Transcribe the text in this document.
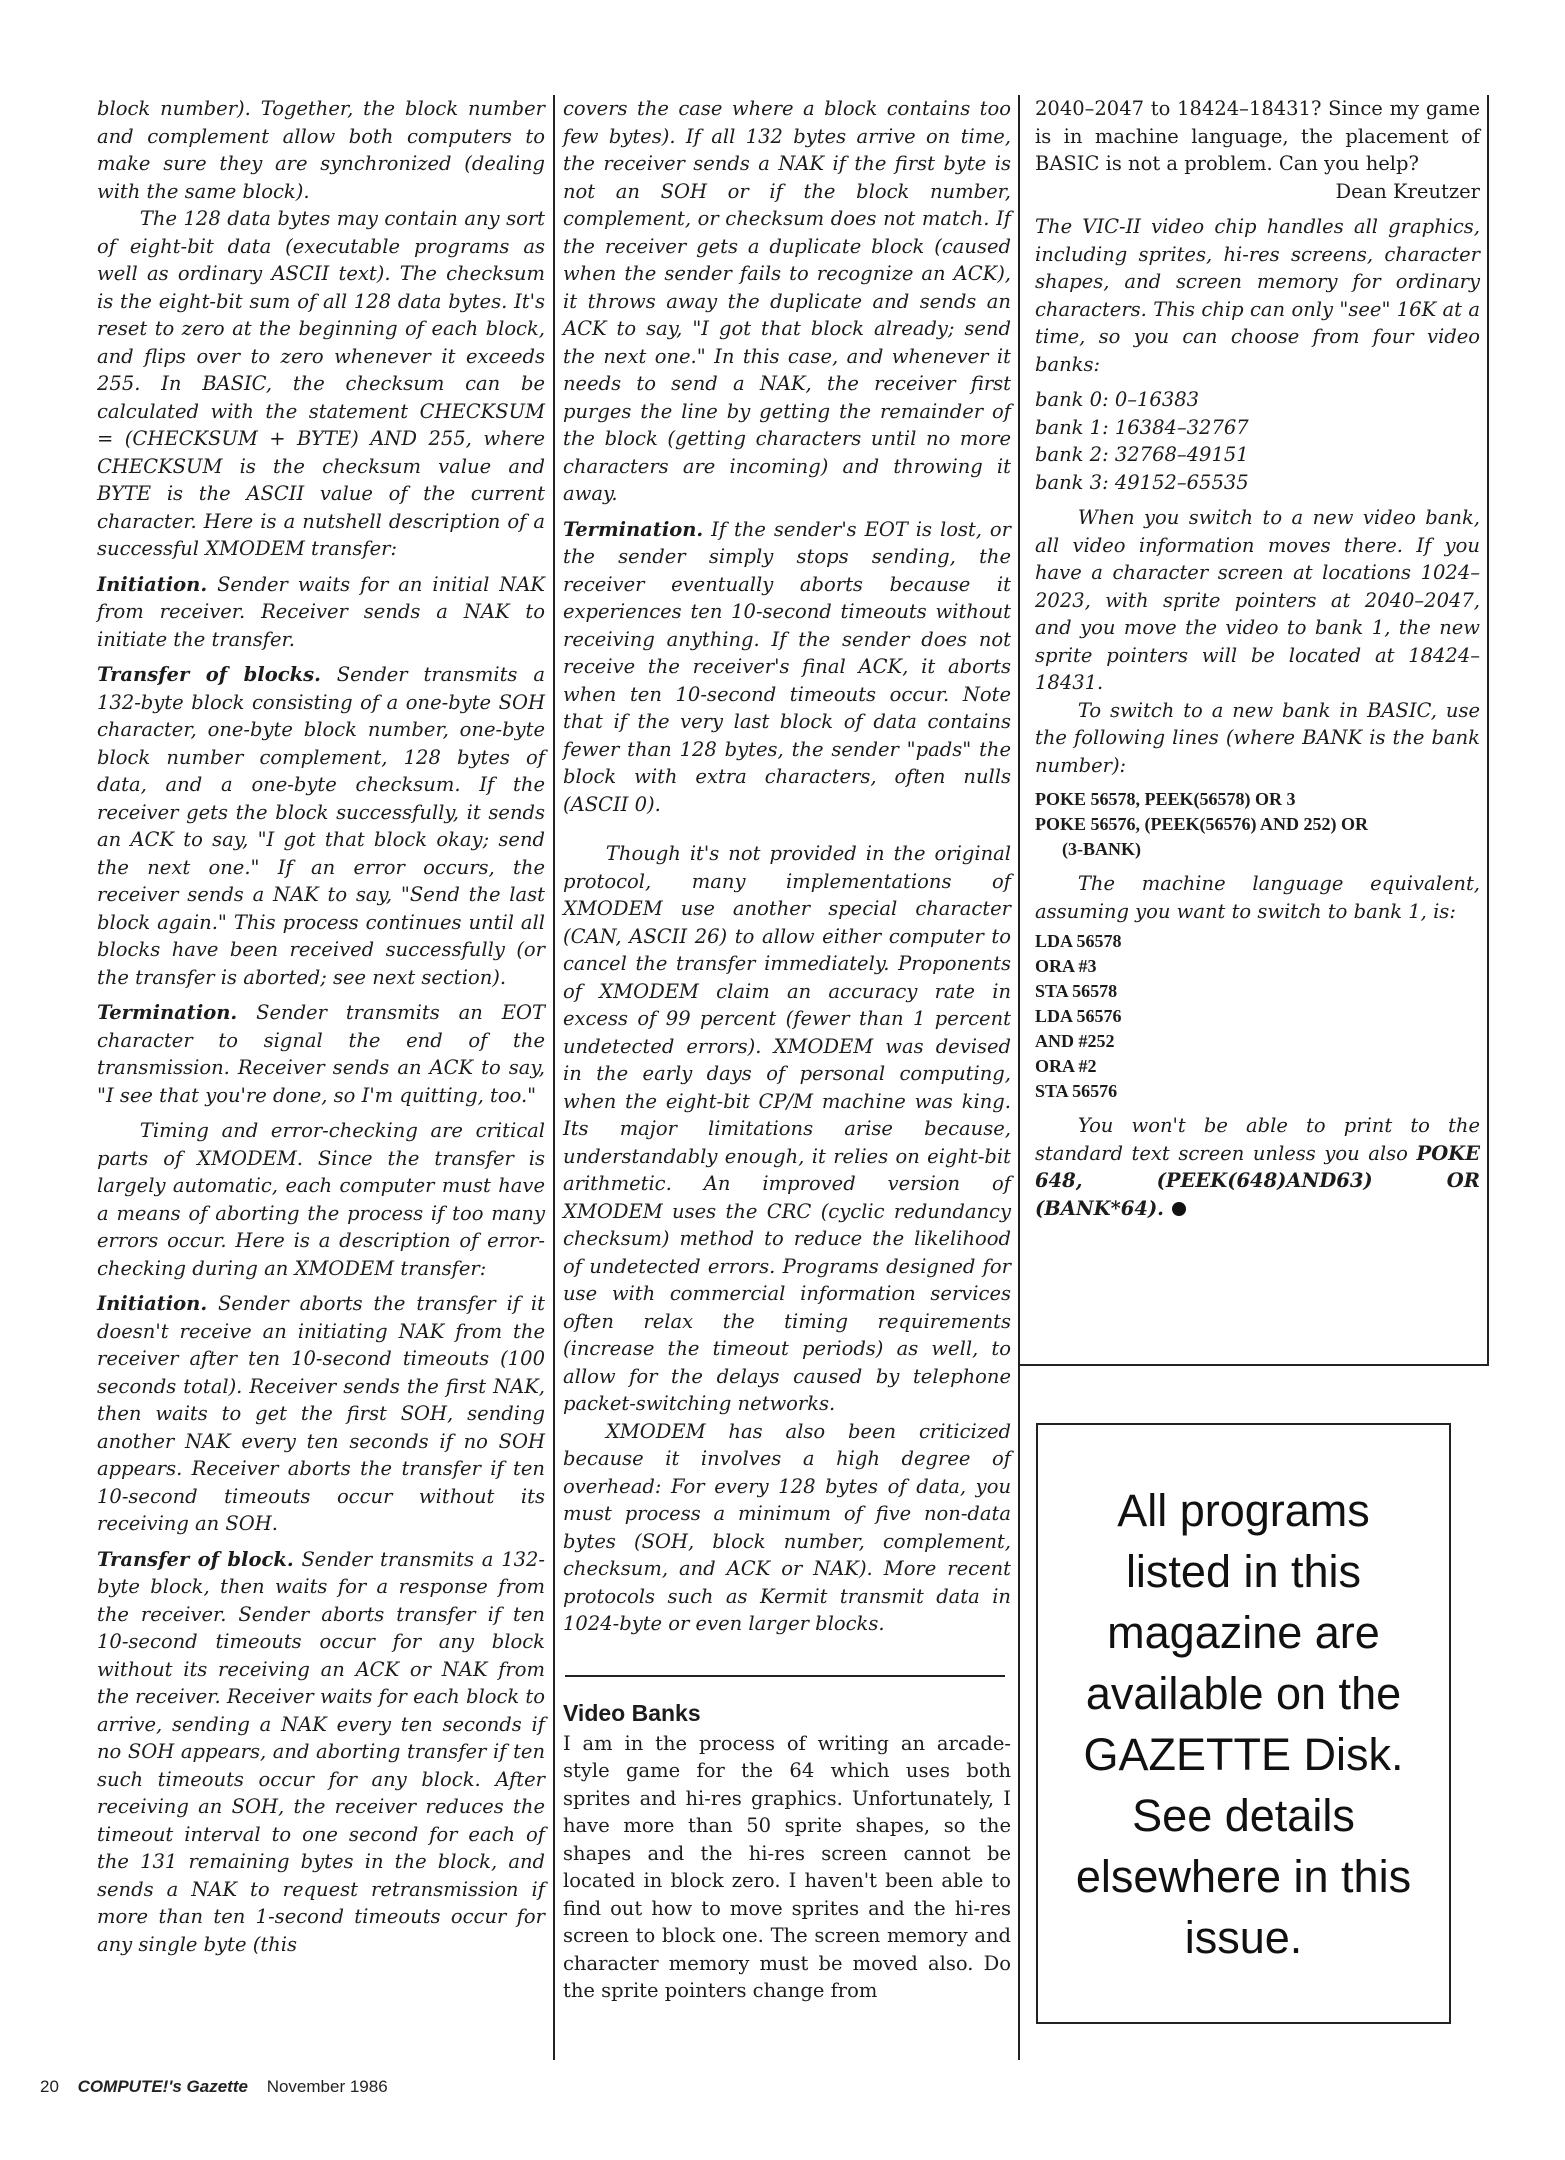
block number). Together, the block number and complement allow both computers to make sure they are synchronized (dealing with the same block).

The 128 data bytes may contain any sort of eight-bit data (executable programs as well as ordinary ASCII text). The checksum is the eight-bit sum of all 128 data bytes. It's reset to zero at the beginning of each block, and flips over to zero whenever it exceeds 255. In BASIC, the checksum can be calculated with the statement CHECKSUM = (CHECKSUM + BYTE) AND 255, where CHECKSUM is the checksum value and BYTE is the ASCII value of the current character. Here is a nutshell description of a successful XMODEM transfer:

Initiation. Sender waits for an initial NAK from receiver. Receiver sends a NAK to initiate the transfer.

Transfer of blocks. Sender transmits a 132-byte block consisting of a one-byte SOH character, one-byte block number, one-byte block number complement, 128 bytes of data, and a one-byte checksum. If the receiver gets the block successfully, it sends an ACK to say, "I got that block okay; send the next one." If an error occurs, the receiver sends a NAK to say, "Send the last block again." This process continues until all blocks have been received successfully (or the transfer is aborted; see next section).

Termination. Sender transmits an EOT character to signal the end of the transmission. Receiver sends an ACK to say, "I see that you're done, so I'm quitting, too."

Timing and error-checking are critical parts of XMODEM. Since the transfer is largely automatic, each computer must have a means of aborting the process if too many errors occur. Here is a description of error-checking during an XMODEM transfer:

Initiation. Sender aborts the transfer if it doesn't receive an initiating NAK from the receiver after ten 10-second timeouts (100 seconds total). Receiver sends the first NAK, then waits to get the first SOH, sending another NAK every ten seconds if no SOH appears. Receiver aborts the transfer if ten 10-second timeouts occur without its receiving an SOH.

Transfer of block. Sender transmits a 132-byte block, then waits for a response from the receiver. Sender aborts transfer if ten 10-second timeouts occur for any block without its receiving an ACK or NAK from the receiver. Receiver waits for each block to arrive, sending a NAK every ten seconds if no SOH appears, and aborting transfer if ten such timeouts occur for any block. After receiving an SOH, the receiver reduces the timeout interval to one second for each of the 131 remaining bytes in the block, and sends a NAK to request retransmission if more than ten 1-second timeouts occur for any single byte (this

covers the case where a block contains too few bytes). If all 132 bytes arrive on time, the receiver sends a NAK if the first byte is not an SOH or if the block number, complement, or checksum does not match. If the receiver gets a duplicate block (caused when the sender fails to recognize an ACK), it throws away the duplicate and sends an ACK to say, "I got that block already; send the next one." In this case, and whenever it needs to send a NAK, the receiver first purges the line by getting the remainder of the block (getting characters until no more characters are incoming) and throwing it away.

Termination. If the sender's EOT is lost, or the sender simply stops sending, the receiver eventually aborts because it experiences ten 10-second timeouts without receiving anything. If the sender does not receive the receiver's final ACK, it aborts when ten 10-second timeouts occur. Note that if the very last block of data contains fewer than 128 bytes, the sender "pads" the block with extra characters, often nulls (ASCII 0).

Though it's not provided in the original protocol, many implementations of XMODEM use another special character (CAN, ASCII 26) to allow either computer to cancel the transfer immediately. Proponents of XMODEM claim an accuracy rate in excess of 99 percent (fewer than 1 percent undetected errors). XMODEM was devised in the early days of personal computing, when the eight-bit CP/M machine was king. Its major limitations arise because, understandably enough, it relies on eight-bit arithmetic. An improved version of XMODEM uses the CRC (cyclic redundancy checksum) method to reduce the likelihood of undetected errors. Programs designed for use with commercial information services often relax the timing requirements (increase the timeout periods) as well, to allow for the delays caused by telephone packet-switching networks.

XMODEM has also been criticized because it involves a high degree of overhead: For every 128 bytes of data, you must process a minimum of five non-data bytes (SOH, block number, complement, checksum, and ACK or NAK). More recent protocols such as Kermit transmit data in 1024-byte or even larger blocks.

Video Banks

I am in the process of writing an arcade-style game for the 64 which uses both sprites and hi-res graphics. Unfortunately, I have more than 50 sprite shapes, so the shapes and the hi-res screen cannot be located in block zero. I haven't been able to find out how to move sprites and the hi-res screen to block one. The screen memory and character memory must be moved also. Do the sprite pointers change from

2040–2047 to 18424–18431? Since my game is in machine language, the placement of BASIC is not a problem. Can you help?

Dean Kreutzer

The VIC-II video chip handles all graphics, including sprites, hi-res screens, character shapes, and screen memory for ordinary characters. This chip can only "see" 16K at a time, so you can choose from four video banks:

bank 0: 0–16383

bank 1: 16384–32767

bank 2: 32768–49151

bank 3: 49152–65535

When you switch to a new video bank, all video information moves there. If you have a character screen at locations 1024–2023, with sprite pointers at 2040–2047, and you move the video to bank 1, the new sprite pointers will be located at 18424–18431.

To switch to a new bank in BASIC, use the following lines (where BANK is the bank number):

POKE 56578, PEEK(56578) OR 3

POKE 56576, (PEEK(56576) AND 252) OR

(3-BANK)

The machine language equivalent, assuming you want to switch to bank 1, is:

LDA 56578

ORA #3

STA 56578

LDA 56576

AND #252

ORA #2

STA 56576

You won't be able to print to the standard text screen unless you also POKE 648, (PEEK(648)AND63) OR (BANK*64).

All programs listed in this magazine are available on the GAZETTE Disk. See details elsewhere in this issue.
20 COMPUTE!'s Gazette November 1986
